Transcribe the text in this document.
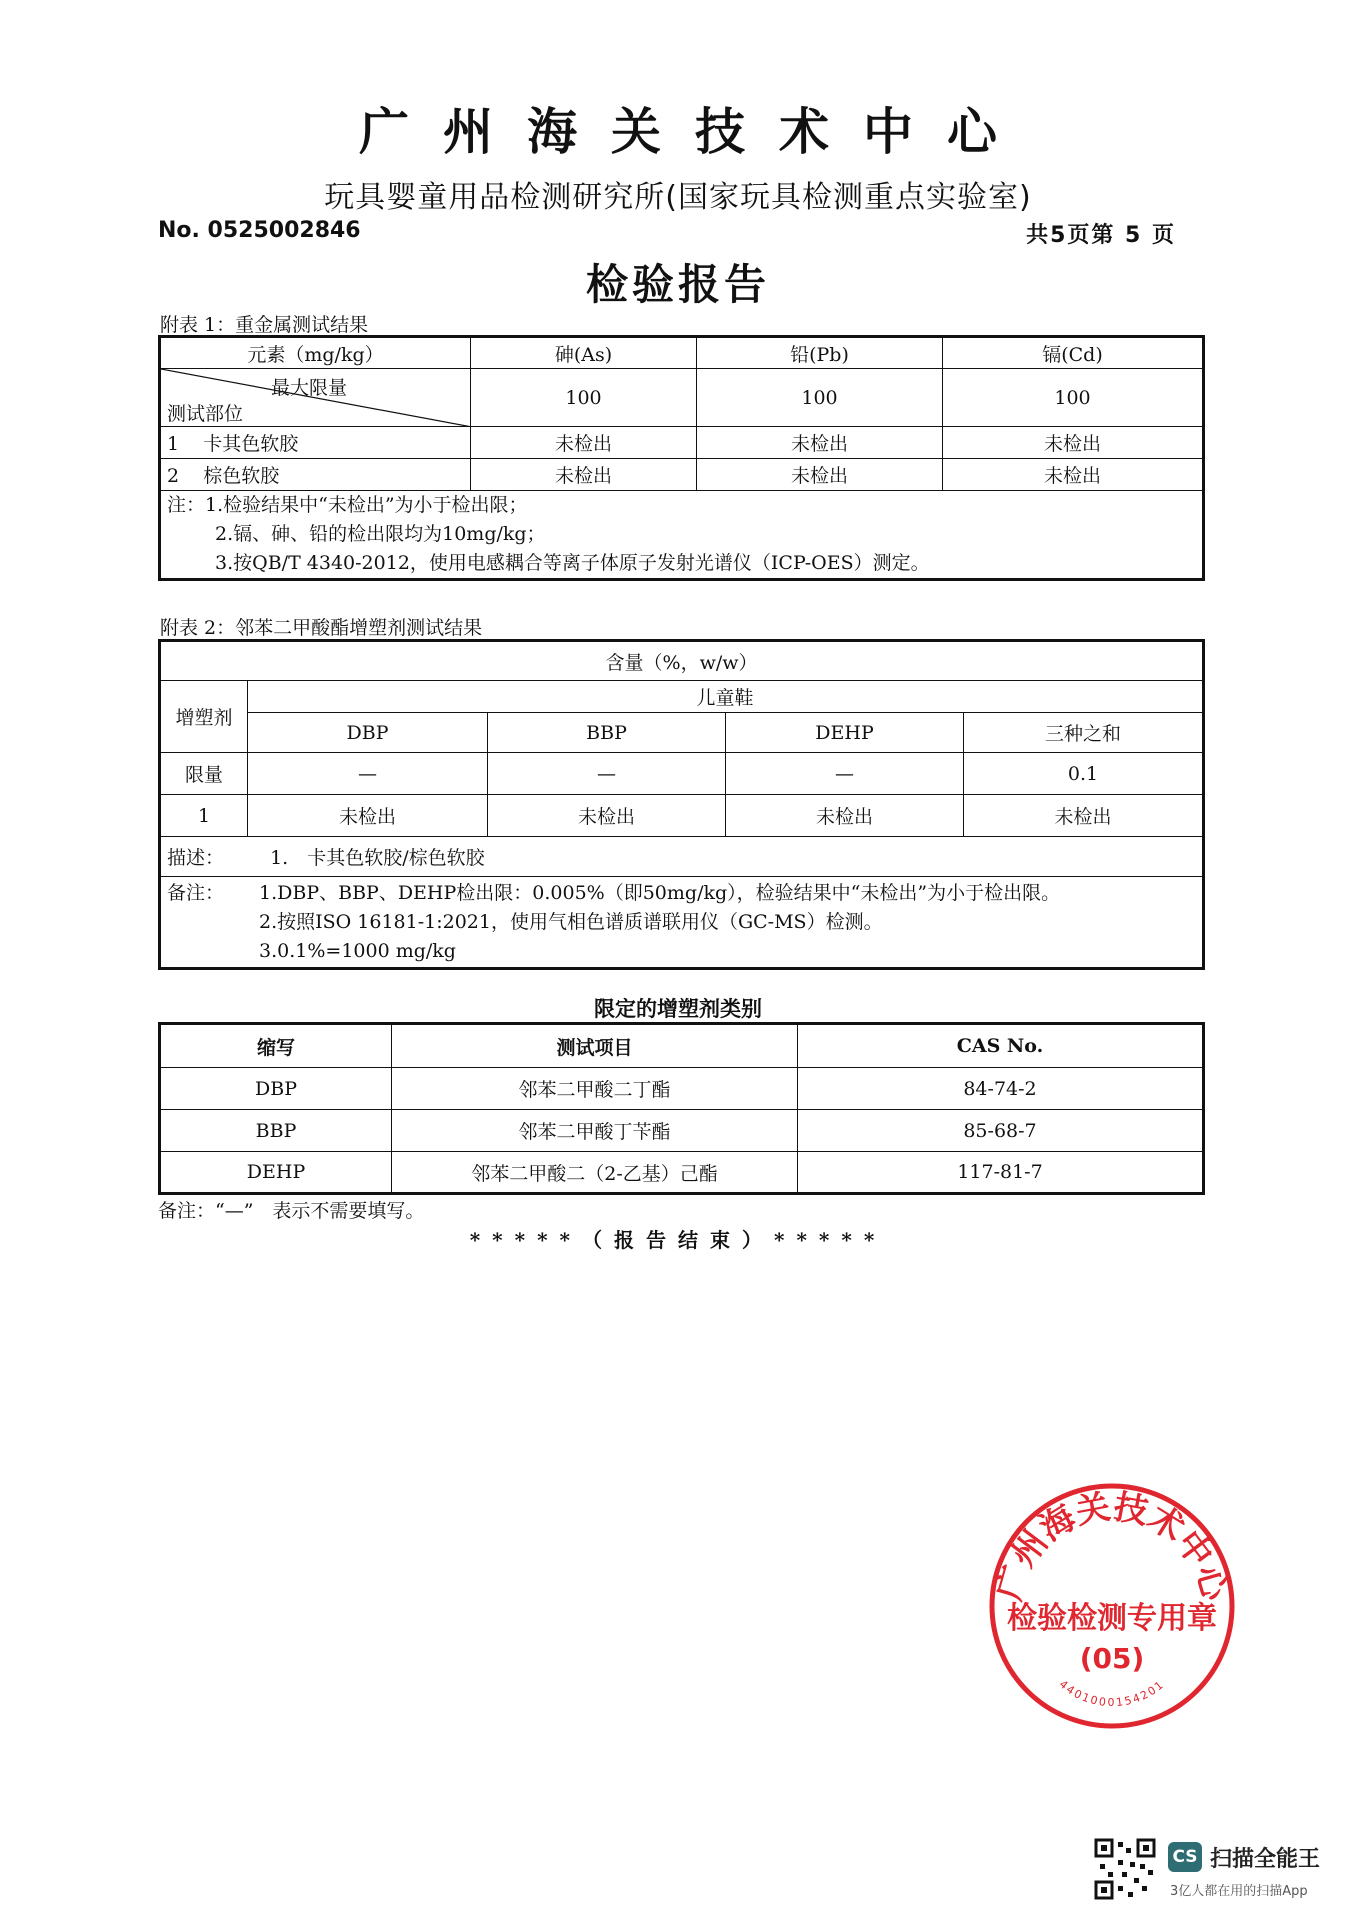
广州海关技术中心
玩具婴童用品检测研究所(国家玩具检测重点实验室)
No. 0525002846	共5页第 5 页
检验报告
附表 1：重金属测试结果
元素（mg/kg）	砷(As)	铅(Pb)	镉(Cd)

最大限量
测试部位	100	100	100
1 卡其色软胶	未检出	未检出	未检出
2 棕色软胶	未检出	未检出	未检出

注：1.检验结果中“未检出”为小于检出限；
2.镉、砷、铅的检出限均为10mg/kg；
3.按QB/T 4340-2012，使用电感耦合等离子体原子发射光谱仪（ICP-OES）测定。			
附表 2：邻苯二甲酸酯增塑剂测试结果
含量（%，w/w）				
增塑剂	儿童鞋			
	DBP	BBP	DEHP	三种之和
限量	—	—	—	0.1
1	未检出	未检出	未检出	未检出
描述： 1.　卡其色软胶/棕色软胶				

备注： 1.DBP、BBP、DEHP检出限：0.005%（即50mg/kg），检验结果中“未检出”为小于检出限。
2.按照ISO 16181-1:2021，使用气相色谱质谱联用仪（GC-MS）检测。
3.0.1%=1000 mg/kg				
限定的增塑剂类别
缩写	测试项目	CAS No.
DBP	邻苯二甲酸二丁酯	84-74-2
BBP	邻苯二甲酸丁苄酯	85-68-7
DEHP	邻苯二甲酸二（2-乙基）己酯	117-81-7
备注：“—”　表示不需要填写。
*****（报告结束）*****
广州海关技术中心
检验检测专用章
(05)
4401000154201
CS 扫描全能王
3亿人都在用的扫描App
